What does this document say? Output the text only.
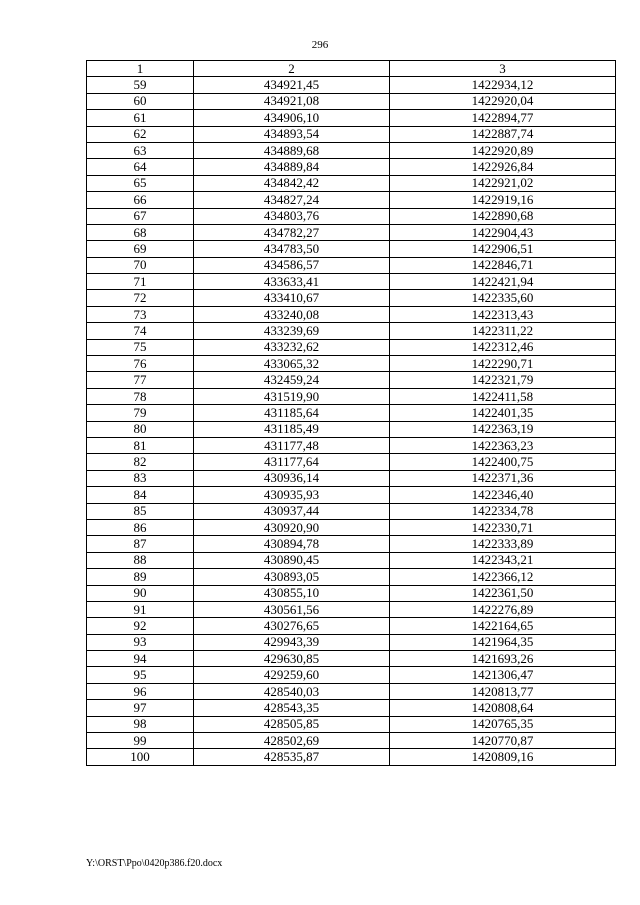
296
1	2	3
59	434921,45	1422934,12
60	434921,08	1422920,04
61	434906,10	1422894,77
62	434893,54	1422887,74
63	434889,68	1422920,89
64	434889,84	1422926,84
65	434842,42	1422921,02
66	434827,24	1422919,16
67	434803,76	1422890,68
68	434782,27	1422904,43
69	434783,50	1422906,51
70	434586,57	1422846,71
71	433633,41	1422421,94
72	433410,67	1422335,60
73	433240,08	1422313,43
74	433239,69	1422311,22
75	433232,62	1422312,46
76	433065,32	1422290,71
77	432459,24	1422321,79
78	431519,90	1422411,58
79	431185,64	1422401,35
80	431185,49	1422363,19
81	431177,48	1422363,23
82	431177,64	1422400,75
83	430936,14	1422371,36
84	430935,93	1422346,40
85	430937,44	1422334,78
86	430920,90	1422330,71
87	430894,78	1422333,89
88	430890,45	1422343,21
89	430893,05	1422366,12
90	430855,10	1422361,50
91	430561,56	1422276,89
92	430276,65	1422164,65
93	429943,39	1421964,35
94	429630,85	1421693,26
95	429259,60	1421306,47
96	428540,03	1420813,77
97	428543,35	1420808,64
98	428505,85	1420765,35
99	428502,69	1420770,87
100	428535,87	1420809,16
Y:\ORST\Ppo\0420p386.f20.docx
